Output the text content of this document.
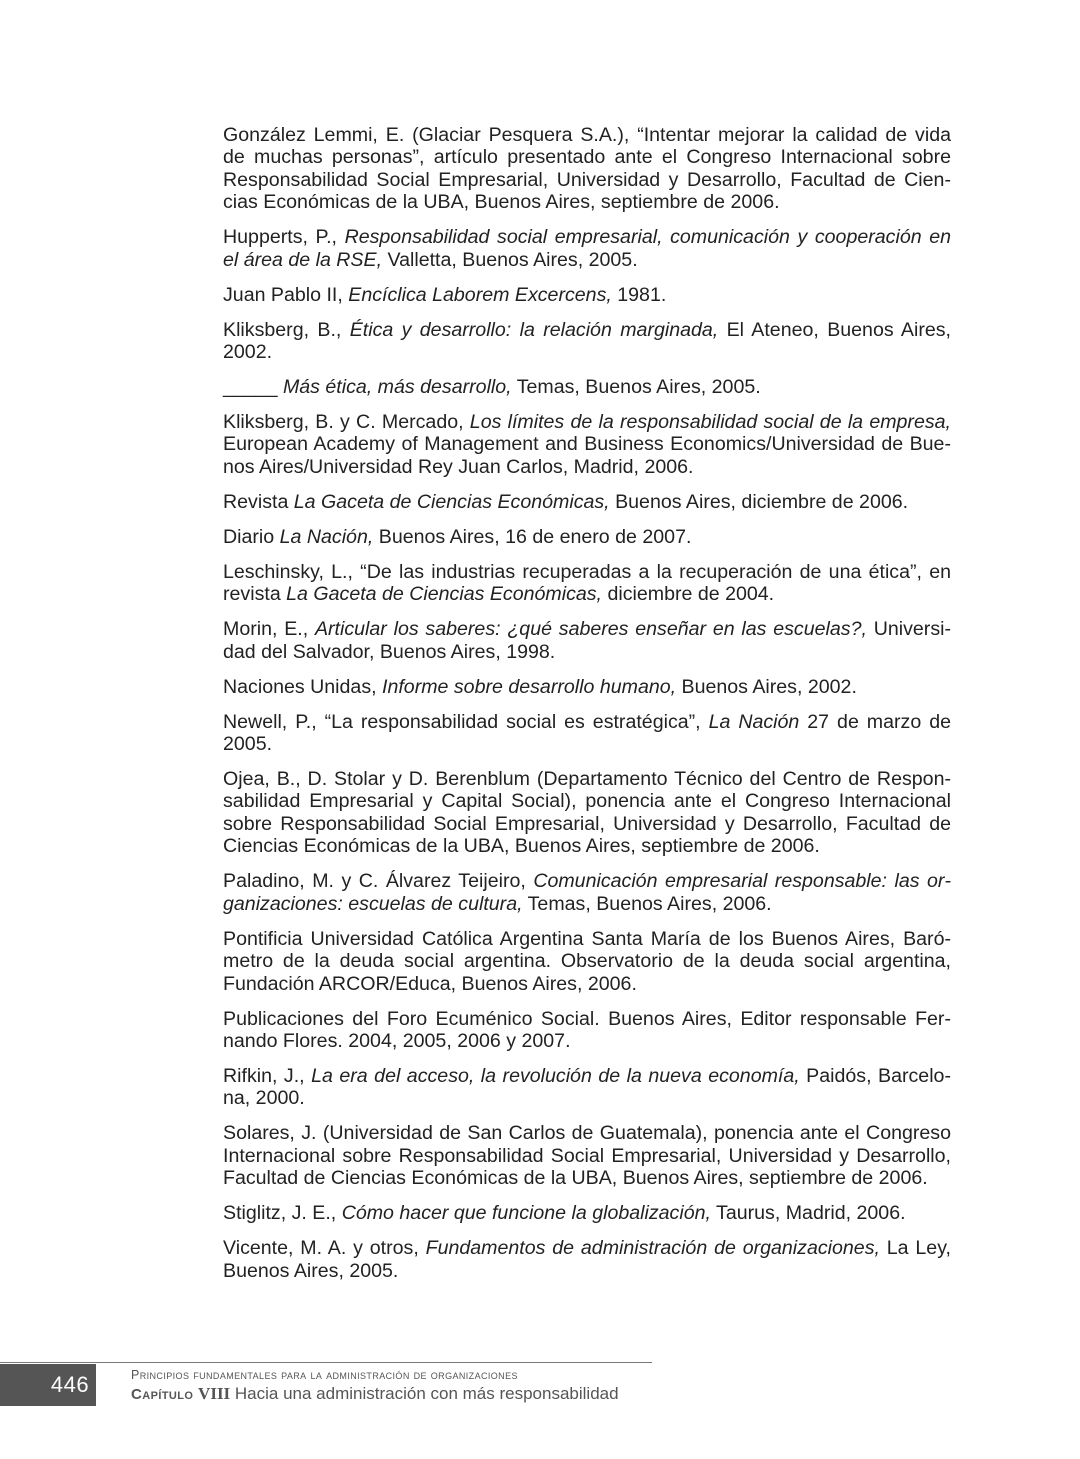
González Lemmi, E. (Glaciar Pesquera S.A.), “Intentar mejorar la calidad de vida de muchas personas”, artículo presentado ante el Congreso Internacional sobre Responsabilidad Social Empresarial, Universidad y Desarrollo, Facultad de Ciencias Económicas de la UBA, Buenos Aires, septiembre de 2006.

Hupperts, P., Responsabilidad social empresarial, comunicación y cooperación en el área de la RSE, Valletta, Buenos Aires, 2005.

Juan Pablo II, Encíclica Laborem Excercens, 1981.

Kliksberg, B., Ética y desarrollo: la relación marginada, El Ateneo, Buenos Aires, 2002.

_____ Más ética, más desarrollo, Temas, Buenos Aires, 2005.

Kliksberg, B. y C. Mercado, Los límites de la responsabilidad social de la empresa, European Academy of Management and Business Economics/Universidad de Buenos Aires/Universidad Rey Juan Carlos, Madrid, 2006.

Revista La Gaceta de Ciencias Económicas, Buenos Aires, diciembre de 2006.

Diario La Nación, Buenos Aires, 16 de enero de 2007.

Leschinsky, L., “De las industrias recuperadas a la recuperación de una ética”, en revista La Gaceta de Ciencias Económicas, diciembre de 2004.

Morin, E., Articular los saberes: ¿qué saberes enseñar en las escuelas?, Universidad del Salvador, Buenos Aires, 1998.

Naciones Unidas, Informe sobre desarrollo humano, Buenos Aires, 2002.

Newell, P., “La responsabilidad social es estratégica”, La Nación 27 de marzo de 2005.

Ojea, B., D. Stolar y D. Berenblum (Departamento Técnico del Centro de Responsabilidad Empresarial y Capital Social), ponencia ante el Congreso Internacional sobre Responsabilidad Social Empresarial, Universidad y Desarrollo, Facultad de Ciencias Económicas de la UBA, Buenos Aires, septiembre de 2006.

Paladino, M. y C. Álvarez Teijeiro, Comunicación empresarial responsable: las organizaciones: escuelas de cultura, Temas, Buenos Aires, 2006.

Pontificia Universidad Católica Argentina Santa María de los Buenos Aires, Barómetro de la deuda social argentina. Observatorio de la deuda social argentina, Fundación ARCOR/Educa, Buenos Aires, 2006.

Publicaciones del Foro Ecuménico Social. Buenos Aires, Editor responsable Fernando Flores. 2004, 2005, 2006 y 2007.

Rifkin, J., La era del acceso, la revolución de la nueva economía, Paidós, Barcelona, 2000.

Solares, J. (Universidad de San Carlos de Guatemala), ponencia ante el Congreso Internacional sobre Responsabilidad Social Empresarial, Universidad y Desarrollo, Facultad de Ciencias Económicas de la UBA, Buenos Aires, septiembre de 2006.

Stiglitz, J. E., Cómo hacer que funcione la globalización, Taurus, Madrid, 2006.

Vicente, M. A. y otros, Fundamentos de administración de organizaciones, La Ley, Buenos Aires, 2005.

446	Principios fundamentales para la administración de organizaciones
Capítulo VIII Hacia una administración con más responsabilidad
